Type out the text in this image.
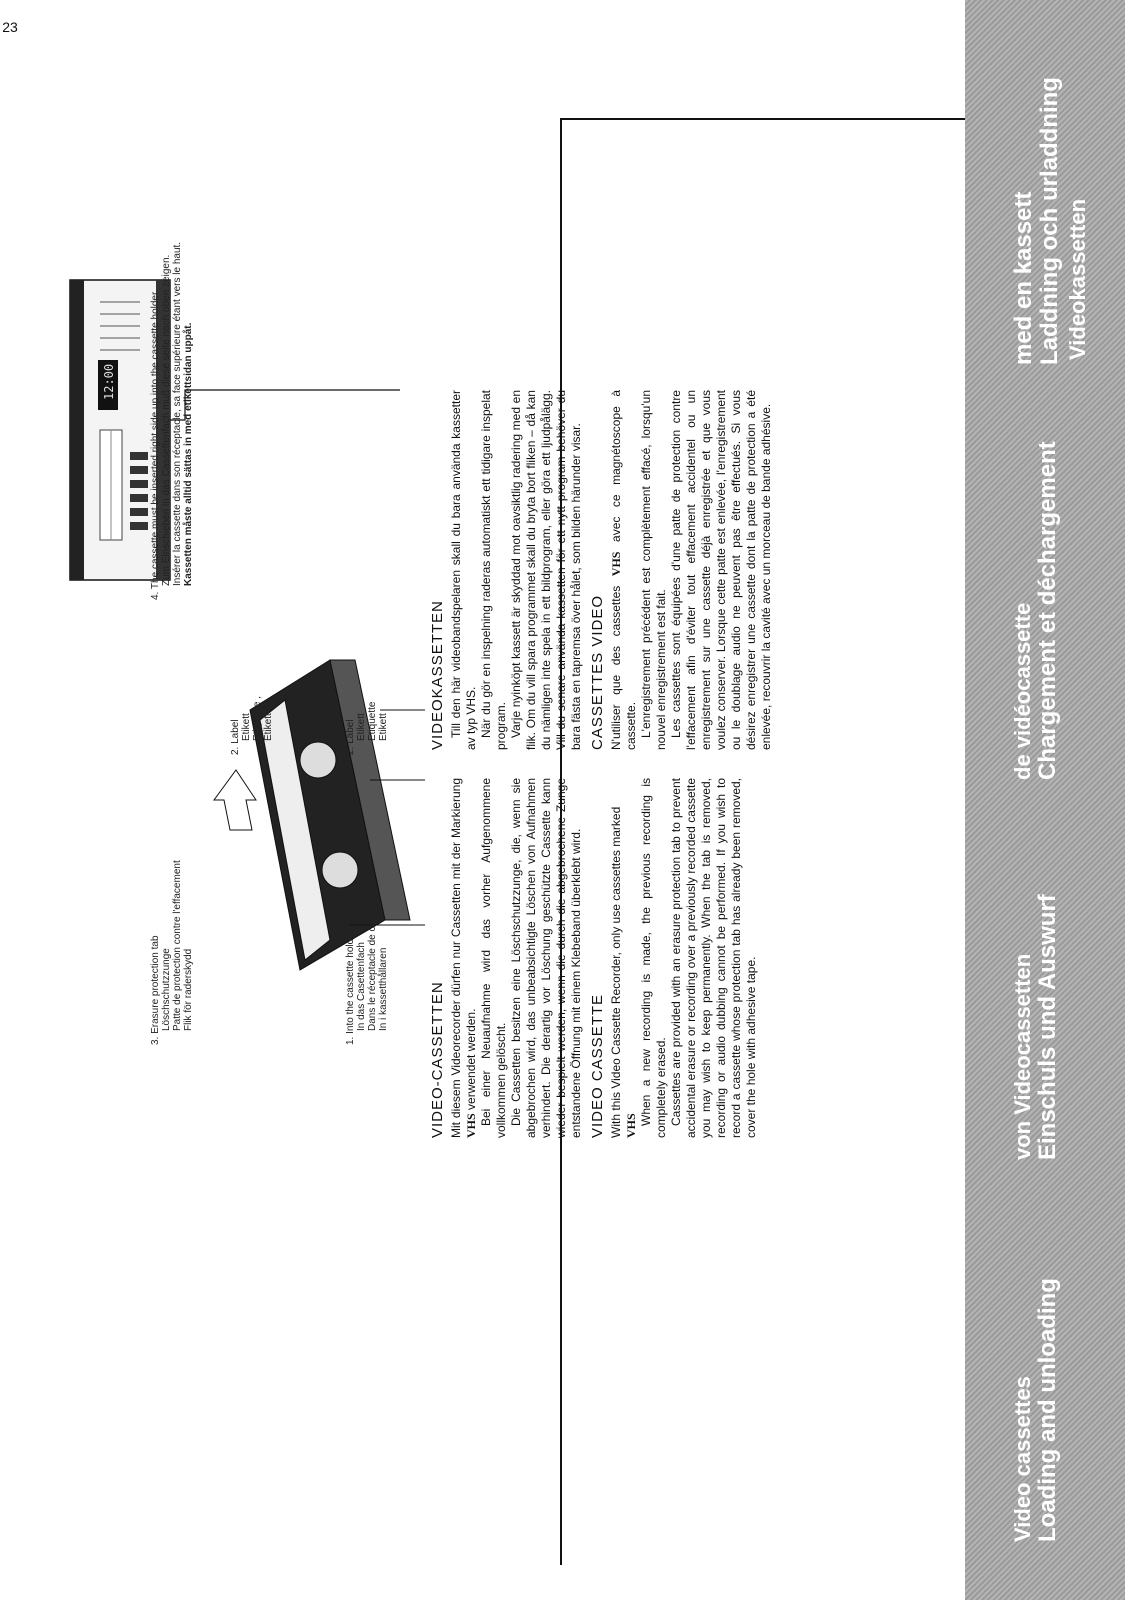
23
Loading and unloading
Video cassettes
Einschuls und Auswurf
von Videocassetten
Chargement et déchargement
de vidéocassette
Videokassetten
Laddning och urladdning
med en kassett
12:00
VIDEO CASSETTE With this Video Cassette Recorder, only use cassettes marked
VHS When a new recording is made, the previous recording is completely erased. Cassettes are provided with an erasure protection tab to prevent accidental erasure or recording over a previously recorded cassette you may wish to keep permanently. When the tab is removed, recording or audio dubbing cannot be performed. If you wish to record a cassette whose protection tab has already been removed, cover the hole with adhesive tape.

VIDEO-CASSETTEN Mit diesem Videorecorder dürfen nur Cassetten mit der Markierung VHS verwendet werden. Bei einer Neuaufnahme wird das vorher Aufgenommene vollkommen gelöscht. Die Cassetten besitzen eine Löschschutzzunge, die, wenn sie abgebrochen wird, das unbeabsichtigte Löschen von Aufnahmen verhindert. Die derartig vor Löschung geschützte Cassette kann wieder bespielt werden, wenn die durch die abgebrochene Zunge entstandene Öffnung mit einem Klebeband überklebt wird.

CASSETTES VIDEO N'utiliser que des cassettes VHS avec ce magnétoscope à cassette. L'enregistrement précédent est complètement effacé, lorsqu'un nouvel enregistrement est fait. Les cassettes sont équipées d'une patte de protection contre l'effacement afin d'éviter tout effacement accidentel ou un enregistrement sur une cassette déjà enregistrée et que vous voulez conserver. Lorsque cette patte est enlevée, l'enregistrement ou le doublage audio ne peuvent pas être effectués. Si vous désirez enregistrer une cassette dont la patte de protection a été enlevée, recouvrir la cavité avec un morceau de bande adhésive.

VIDEOKASSETTEN Till den här videobandspelaren skall du bara använda kassetter av typ VHS. När du gör en inspelning raderas automatiskt ett tidigare inspelat program. Varje nyinköpt kassett är skyddad mot oavsiktlig radering med en flik. Om du vill spara programmet skall du bryta bort fliken – då kan du nämligen inte spela in ett bildprogram, eller göra ett ljudpålägg. Vill du senare använda kassetten för ett nytt program behöver du bara fästa en tapremsa över hålet, som bilden härunder visar.

1. Into the cassette holder In das Casettenfach Dans le réceptacle de cassette In i kassetthållaren
2. Label Etikett Etiquette Etikett
2. Label Etikett Etiquette , Etikett
3. Erasure protection tab Löschschutzzunge Patte de protection contre l'effacement Flik för raderskydd
4. The cassette must be inserted right side up into the cassette holder. Zum Einschieben in das Cassettenfach muß diese seite nach oben zeigen. Insérer la cassette dans son réceptacle, sa face supérieure étant vers le haut. Kassetten måste alltid sättas in med etikettsidan uppåt.
